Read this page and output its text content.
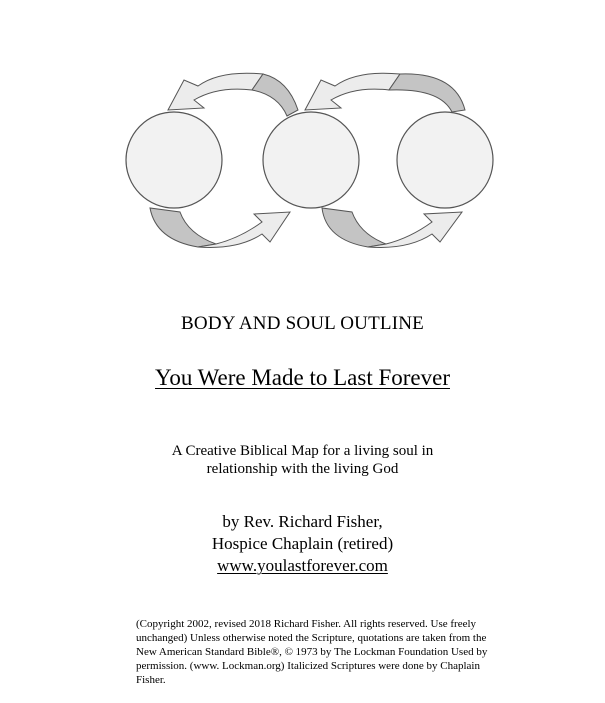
BODY AND SOUL OUTLINE
You Were Made to Last Forever
A Creative Biblical Map for a living soul in
relationship with the living God
by Rev. Richard Fisher,
Hospice Chaplain (retired)
www.youlastforever.com
(Copyright 2002, revised 2018 Richard Fisher. All rights reserved. Use freely
unchanged) Unless otherwise noted the Scripture, quotations are taken from the
New American Standard Bible®, © 1973 by The Lockman Foundation Used by
permission. (www. Lockman.org) Italicized Scriptures were done by Chaplain
Fisher.
